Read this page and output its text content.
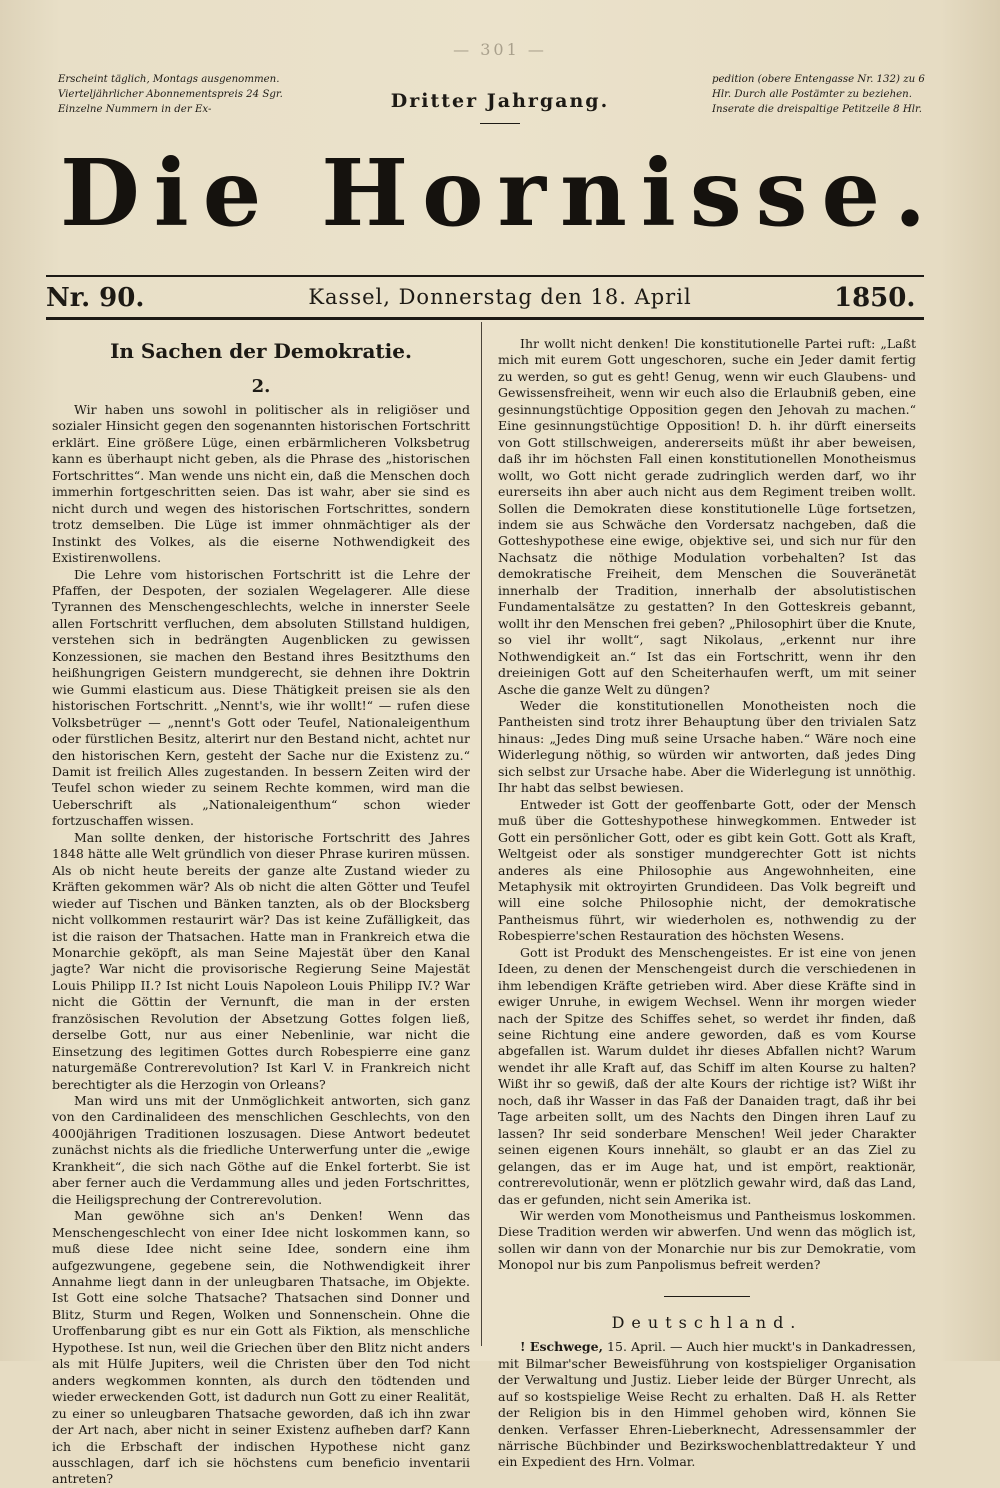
— 301 —
Erscheint täglich, Montags ausgenommen. Vierteljährlicher Abonnementspreis 24 Sgr. Einzelne Nummern in der Ex-
pedition (obere Entengasse Nr. 132) zu 6 Hlr. Durch alle Postämter zu beziehen. Inserate die dreispaltige Petitzeile 8 Hlr.
Dritter Jahrgang.
Die Hornisse.
Nr. 90.	Kassel, Donnerstag den 18. April	1850.
In Sachen der Demokratie.
2.

Wir haben uns sowohl in politischer als in religiöser und sozialer Hinsicht gegen den sogenannten historischen Fortschritt erklärt. Eine größere Lüge, einen erbärmlicheren Volksbetrug kann es überhaupt nicht geben, als die Phrase des „historischen Fortschrittes“. Man wende uns nicht ein, daß die Menschen doch immerhin fortgeschritten seien. Das ist wahr, aber sie sind es nicht durch und wegen des historischen Fortschrittes, sondern trotz demselben. Die Lüge ist immer ohnmächtiger als der Instinkt des Volkes, als die eiserne Nothwendigkeit des Existirenwollens.

Die Lehre vom historischen Fortschritt ist die Lehre der Pfaffen, der Despoten, der sozialen Wegelagerer. Alle diese Tyrannen des Menschengeschlechts, welche in innerster Seele allen Fortschritt verfluchen, dem absoluten Stillstand huldigen, verstehen sich in bedrängten Augenblicken zu gewissen Konzessionen, sie machen den Bestand ihres Besitzthums den heißhungrigen Geistern mundgerecht, sie dehnen ihre Doktrin wie Gummi elasticum aus. Diese Thätigkeit preisen sie als den historischen Fortschritt. „Nennt's, wie ihr wollt!“ — rufen diese Volksbetrüger — „nennt's Gott oder Teufel, Nationaleigenthum oder fürstlichen Besitz, alterirt nur den Bestand nicht, achtet nur den historischen Kern, gesteht der Sache nur die Existenz zu.“ Damit ist freilich Alles zugestanden. In bessern Zeiten wird der Teufel schon wieder zu seinem Rechte kommen, wird man die Ueberschrift als „Nationaleigenthum“ schon wieder fortzuschaffen wissen.

Man sollte denken, der historische Fortschritt des Jahres 1848 hätte alle Welt gründlich von dieser Phrase kuriren müssen. Als ob nicht heute bereits der ganze alte Zustand wieder zu Kräften gekommen wär? Als ob nicht die alten Götter und Teufel wieder auf Tischen und Bänken tanzten, als ob der Blocksberg nicht vollkommen restaurirt wär? Das ist keine Zufälligkeit, das ist die raison der Thatsachen. Hatte man in Frankreich etwa die Monarchie geköpft, als man Seine Majestät über den Kanal jagte? War nicht die provisorische Regierung Seine Majestät Louis Philipp II.? Ist nicht Louis Napoleon Louis Philipp IV.? War nicht die Göttin der Vernunft, die man in der ersten französischen Revolution der Absetzung Gottes folgen ließ, derselbe Gott, nur aus einer Nebenlinie, war nicht die Einsetzung des legitimen Gottes durch Robespierre eine ganz naturgemäße Contrerevolution? Ist Karl V. in Frankreich nicht berechtigter als die Herzogin von Orleans?

Man wird uns mit der Unmöglichkeit antworten, sich ganz von den Cardinalideen des menschlichen Geschlechts, von den 4000jährigen Traditionen loszusagen. Diese Antwort bedeutet zunächst nichts als die friedliche Unterwerfung unter die „ewige Krankheit“, die sich nach Göthe auf die Enkel forterbt. Sie ist aber ferner auch die Verdammung alles und jeden Fortschrittes, die Heiligsprechung der Contrerevolution.

Man gewöhne sich an's Denken! Wenn das Menschengeschlecht von einer Idee nicht loskommen kann, so muß diese Idee nicht seine Idee, sondern eine ihm aufgezwungene, gegebene sein, die Nothwendigkeit ihrer Annahme liegt dann in der unleugbaren Thatsache, im Objekte. Ist Gott eine solche Thatsache? Thatsachen sind Donner und Blitz, Sturm und Regen, Wolken und Sonnenschein. Ohne die Uroffenbarung gibt es nur ein Gott als Fiktion, als menschliche Hypothese. Ist nun, weil die Griechen über den Blitz nicht anders als mit Hülfe Jupiters, weil die Christen über den Tod nicht anders wegkommen konnten, als durch den tödtenden und wieder erweckenden Gott, ist dadurch nun Gott zu einer Realität, zu einer so unleugbaren Thatsache geworden, daß ich ihn zwar der Art nach, aber nicht in seiner Existenz aufheben darf? Kann ich die Erbschaft der indischen Hypothese nicht ganz ausschlagen, darf ich sie höchstens cum beneficio inventarii antreten?

Ihr wollt nicht denken! Die konstitutionelle Partei ruft: „Laßt mich mit eurem Gott ungeschoren, suche ein Jeder damit fertig zu werden, so gut es geht! Genug, wenn wir euch Glaubens- und Gewissensfreiheit, wenn wir euch also die Erlaubniß geben, eine gesinnungstüchtige Opposition gegen den Jehovah zu machen.“ Eine gesinnungstüchtige Opposition! D. h. ihr dürft einerseits von Gott stillschweigen, andererseits müßt ihr aber beweisen, daß ihr im höchsten Fall einen konstitutionellen Monotheismus wollt, wo Gott nicht gerade zudringlich werden darf, wo ihr eurerseits ihn aber auch nicht aus dem Regiment treiben wollt. Sollen die Demokraten diese konstitutionelle Lüge fortsetzen, indem sie aus Schwäche den Vordersatz nachgeben, daß die Gotteshypothese eine ewige, objektive sei, und sich nur für den Nachsatz die nöthige Modulation vorbehalten? Ist das demokratische Freiheit, dem Menschen die Souveränetät innerhalb der Tradition, innerhalb der absolutistischen Fundamentalsätze zu gestatten? In den Gotteskreis gebannt, wollt ihr den Menschen frei geben? „Philosophirt über die Knute, so viel ihr wollt“, sagt Nikolaus, „erkennt nur ihre Nothwendigkeit an.“ Ist das ein Fortschritt, wenn ihr den dreieinigen Gott auf den Scheiterhaufen werft, um mit seiner Asche die ganze Welt zu düngen?

Weder die konstitutionellen Monotheisten noch die Pantheisten sind trotz ihrer Behauptung über den trivialen Satz hinaus: „Jedes Ding muß seine Ursache haben.“ Wäre noch eine Widerlegung nöthig, so würden wir antworten, daß jedes Ding sich selbst zur Ursache habe. Aber die Widerlegung ist unnöthig. Ihr habt das selbst bewiesen.

Entweder ist Gott der geoffenbarte Gott, oder der Mensch muß über die Gotteshypothese hinwegkommen. Entweder ist Gott ein persönlicher Gott, oder es gibt kein Gott. Gott als Kraft, Weltgeist oder als sonstiger mundgerechter Gott ist nichts anderes als eine Philosophie aus Angewohnheiten, eine Metaphysik mit oktroyirten Grundideen. Das Volk begreift und will eine solche Philosophie nicht, der demokratische Pantheismus führt, wir wiederholen es, nothwendig zu der Robespierre'schen Restauration des höchsten Wesens.

Gott ist Produkt des Menschengeistes. Er ist eine von jenen Ideen, zu denen der Menschengeist durch die verschiedenen in ihm lebendigen Kräfte getrieben wird. Aber diese Kräfte sind in ewiger Unruhe, in ewigem Wechsel. Wenn ihr morgen wieder nach der Spitze des Schiffes sehet, so werdet ihr finden, daß seine Richtung eine andere geworden, daß es vom Kourse abgefallen ist. Warum duldet ihr dieses Abfallen nicht? Warum wendet ihr alle Kraft auf, das Schiff im alten Kourse zu halten? Wißt ihr so gewiß, daß der alte Kours der richtige ist? Wißt ihr noch, daß ihr Wasser in das Faß der Danaiden tragt, daß ihr bei Tage arbeiten sollt, um des Nachts den Dingen ihren Lauf zu lassen? Ihr seid sonderbare Menschen! Weil jeder Charakter seinen eigenen Kours innehält, so glaubt er an das Ziel zu gelangen, das er im Auge hat, und ist empört, reaktionär, contrerevolutionär, wenn er plötzlich gewahr wird, daß das Land, das er gefunden, nicht sein Amerika ist.

Wir werden vom Monotheismus und Pantheismus loskommen. Diese Tradition werden wir abwerfen. Und wenn das möglich ist, sollen wir dann von der Monarchie nur bis zur Demokratie, vom Monopol nur bis zum Panpolismus befreit werden?

Deutschland.

! Eschwege, 15. April. — Auch hier muckt's in Dankadressen, mit Bilmar'scher Beweisführung von kostspieliger Organisation der Verwaltung und Justiz. Lieber leide der Bürger Unrecht, als auf so kostspielige Weise Recht zu erhalten. Daß H. als Retter der Religion bis in den Himmel gehoben wird, können Sie denken. Verfasser Ehren-Lieberknecht, Adressensammler der närrische Büchbinder und Bezirkswochenblattredakteur Y und ein Expedient des Hrn. Volmar.
